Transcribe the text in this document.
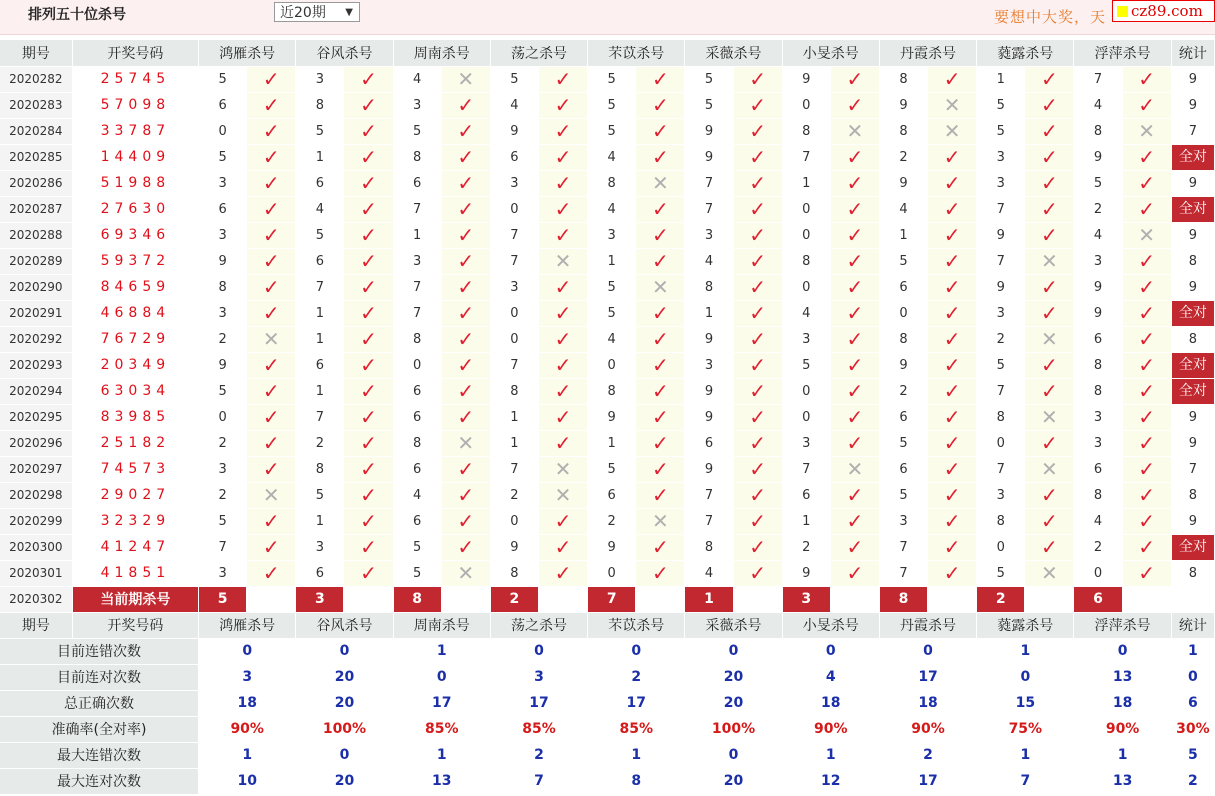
排列五十位杀号	近20期 ▼	要想中大奖，天	cz89.com
期号	开奖号码	鸿雁杀号		谷风杀号		周南杀号		荡之杀号		芣苡杀号		采薇杀号		小旻杀号		丹霞杀号		蕤露杀号		浮萍杀号		统计
2020282	25745	5	✓	3	✓	4	✕	5	✓	5	✓	5	✓	9	✓	8	✓	1	✓	7	✓	9
2020283	57098	6	✓	8	✓	3	✓	4	✓	5	✓	5	✓	0	✓	9	✕	5	✓	4	✓	9
2020284	33787	0	✓	5	✓	5	✓	9	✓	5	✓	9	✓	8	✕	8	✕	5	✓	8	✕	7
2020285	14409	5	✓	1	✓	8	✓	6	✓	4	✓	9	✓	7	✓	2	✓	3	✓	9	✓	全对

2020286	51988	3	✓	6	✓	6	✓	3	✓	8	✕	7	✓	1	✓	9	✓	3	✓	5	✓	9
2020287	27630	6	✓	4	✓	7	✓	0	✓	4	✓	7	✓	0	✓	4	✓	7	✓	2	✓	全对

2020288	69346	3	✓	5	✓	1	✓	7	✓	3	✓	3	✓	0	✓	1	✓	9	✓	4	✕	9
2020289	59372	9	✓	6	✓	3	✓	7	✕	1	✓	4	✓	8	✓	5	✓	7	✕	3	✓	8
2020290	84659	8	✓	7	✓	7	✓	3	✓	5	✕	8	✓	0	✓	6	✓	9	✓	9	✓	9
2020291	46884	3	✓	1	✓	7	✓	0	✓	5	✓	1	✓	4	✓	0	✓	3	✓	9	✓	全对

2020292	76729	2	✕	1	✓	8	✓	0	✓	4	✓	9	✓	3	✓	8	✓	2	✕	6	✓	8
2020293	20349	9	✓	6	✓	0	✓	7	✓	0	✓	3	✓	5	✓	9	✓	5	✓	8	✓	全对

2020294	63034	5	✓	1	✓	6	✓	8	✓	8	✓	9	✓	0	✓	2	✓	7	✓	8	✓	全对

2020295	83985	0	✓	7	✓	6	✓	1	✓	9	✓	9	✓	0	✓	6	✓	8	✕	3	✓	9
2020296	25182	2	✓	2	✓	8	✕	1	✓	1	✓	6	✓	3	✓	5	✓	0	✓	3	✓	9
2020297	74573	3	✓	8	✓	6	✓	7	✕	5	✓	9	✓	7	✕	6	✓	7	✕	6	✓	7
2020298	29027	2	✕	5	✓	4	✓	2	✕	6	✓	7	✓	6	✓	5	✓	3	✓	8	✓	8
2020299	32329	5	✓	1	✓	6	✓	0	✓	2	✕	7	✓	1	✓	3	✓	8	✓	4	✓	9
2020300	41247	7	✓	3	✓	5	✓	9	✓	9	✓	8	✓	2	✓	7	✓	0	✓	2	✓	全对

2020301	41851	3	✓	6	✓	5	✕	8	✓	0	✓	4	✓	9	✓	7	✓	5	✕	0	✓	8
2020302	当前期杀号	5		3		8		2		7		1		3		8		2		6		
期号	开奖号码	鸿雁杀号		谷风杀号		周南杀号		荡之杀号		芣苡杀号		采薇杀号		小旻杀号		丹霞杀号		蕤露杀号		浮萍杀号		统计
目前连错次数		0		0		1		0		0		0		0		0		1		0		1
目前连对次数		3		20		0		3		2		20		4		17		0		13		0
总正确次数		18		20		17		17		17		20		18		18		15		18		6
准确率(全对率)		90%		100%		85%		85%		85%		100%		90%		90%		75%		90%		30%
最大连错次数		1		0		1		2		1		0		1		2		1		1		5
最大连对次数		10		20		13		7		8		20		12		17		7		13		2
